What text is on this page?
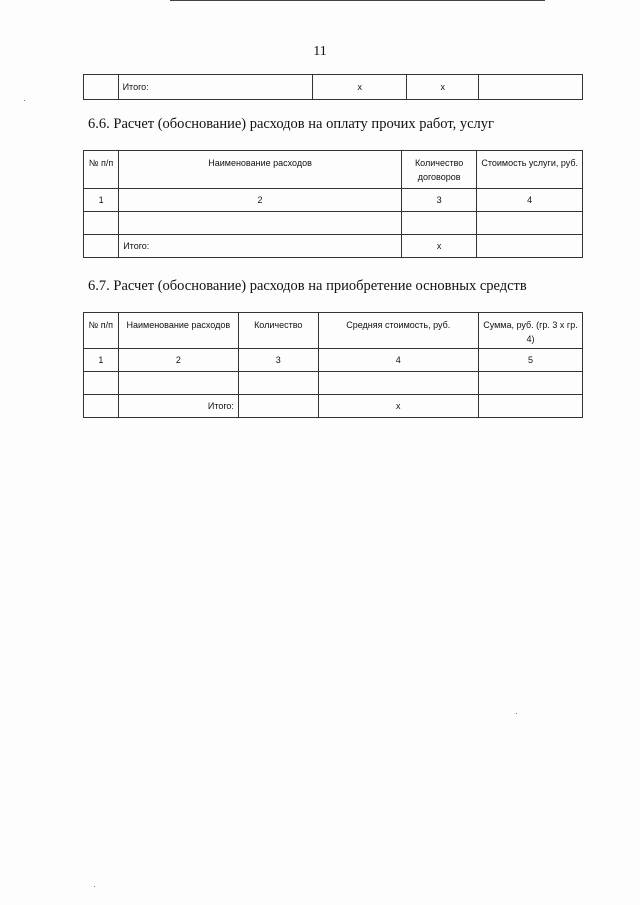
11
	Итого:	x	x	
6.6. Расчет (обоснование) расходов на оплату прочих работ, услуг
№ п/п	Наименование расходов	Количество договоров	Стоимость услуги, руб.
1	2	3	4

	Итого:	x	
6.7. Расчет (обоснование) расходов на приобретение основных средств
№ п/п	Наименование расходов	Количество	Средняя стоимость, руб.	Сумма, руб. (гр. 3 x гр. 4)
1	2	3	4	5

	Итого:		x	
